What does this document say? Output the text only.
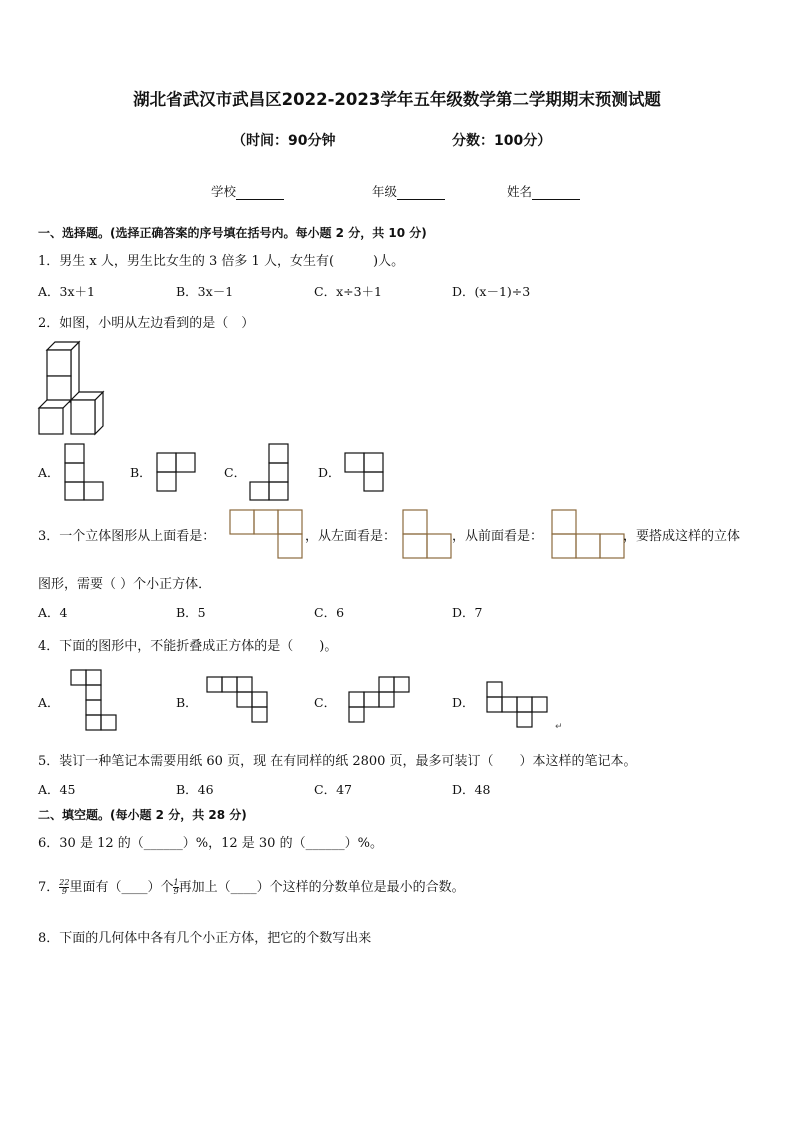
湖北省武汉市武昌区2022-2023学年五年级数学第二学期期末预测试题
（时间：90分钟	分数：100分）
学校	年级	姓名
一、选择题。(选择正确答案的序号填在括号内。每小题 2 分，共 10 分)
1．男生 x 人，男生比女生的 3 倍多 1 人，女生有(　　　)人。
A．3x＋1	B．3x－1	C．x÷3＋1	D．(x－1)÷3
2．如图，小明从左边看到的是（　）
A．	B．	C．	D．
3．一个立体图形从上面看是：	，从左面看是：	，从前面看是：	，要搭成这样的立体
图形，需要（ ）个小正方体．
A．4	B．5	C．6	D．7
4．下面的图形中，不能折叠成正方体的是（　　)。
A．	B．	C．	D．
↵
5．装订一种笔记本需要用纸 60 页，现 在有同样的纸 2800 页，最多可装订（　　）本这样的笔记本。
A．45	B．46	C．47	D．48
二、填空题。(每小题 2 分，共 28 分)
6．30 是 12 的（______）%，12 是 30 的（______）%。
7． $\frac{22}{9}$ 里面有（____）个 $\frac{1}{9}$ 再加上（____）个这样的分数单位是最小的合数。
8．下面的几何体中各有几个小正方体，把它的个数写出来
